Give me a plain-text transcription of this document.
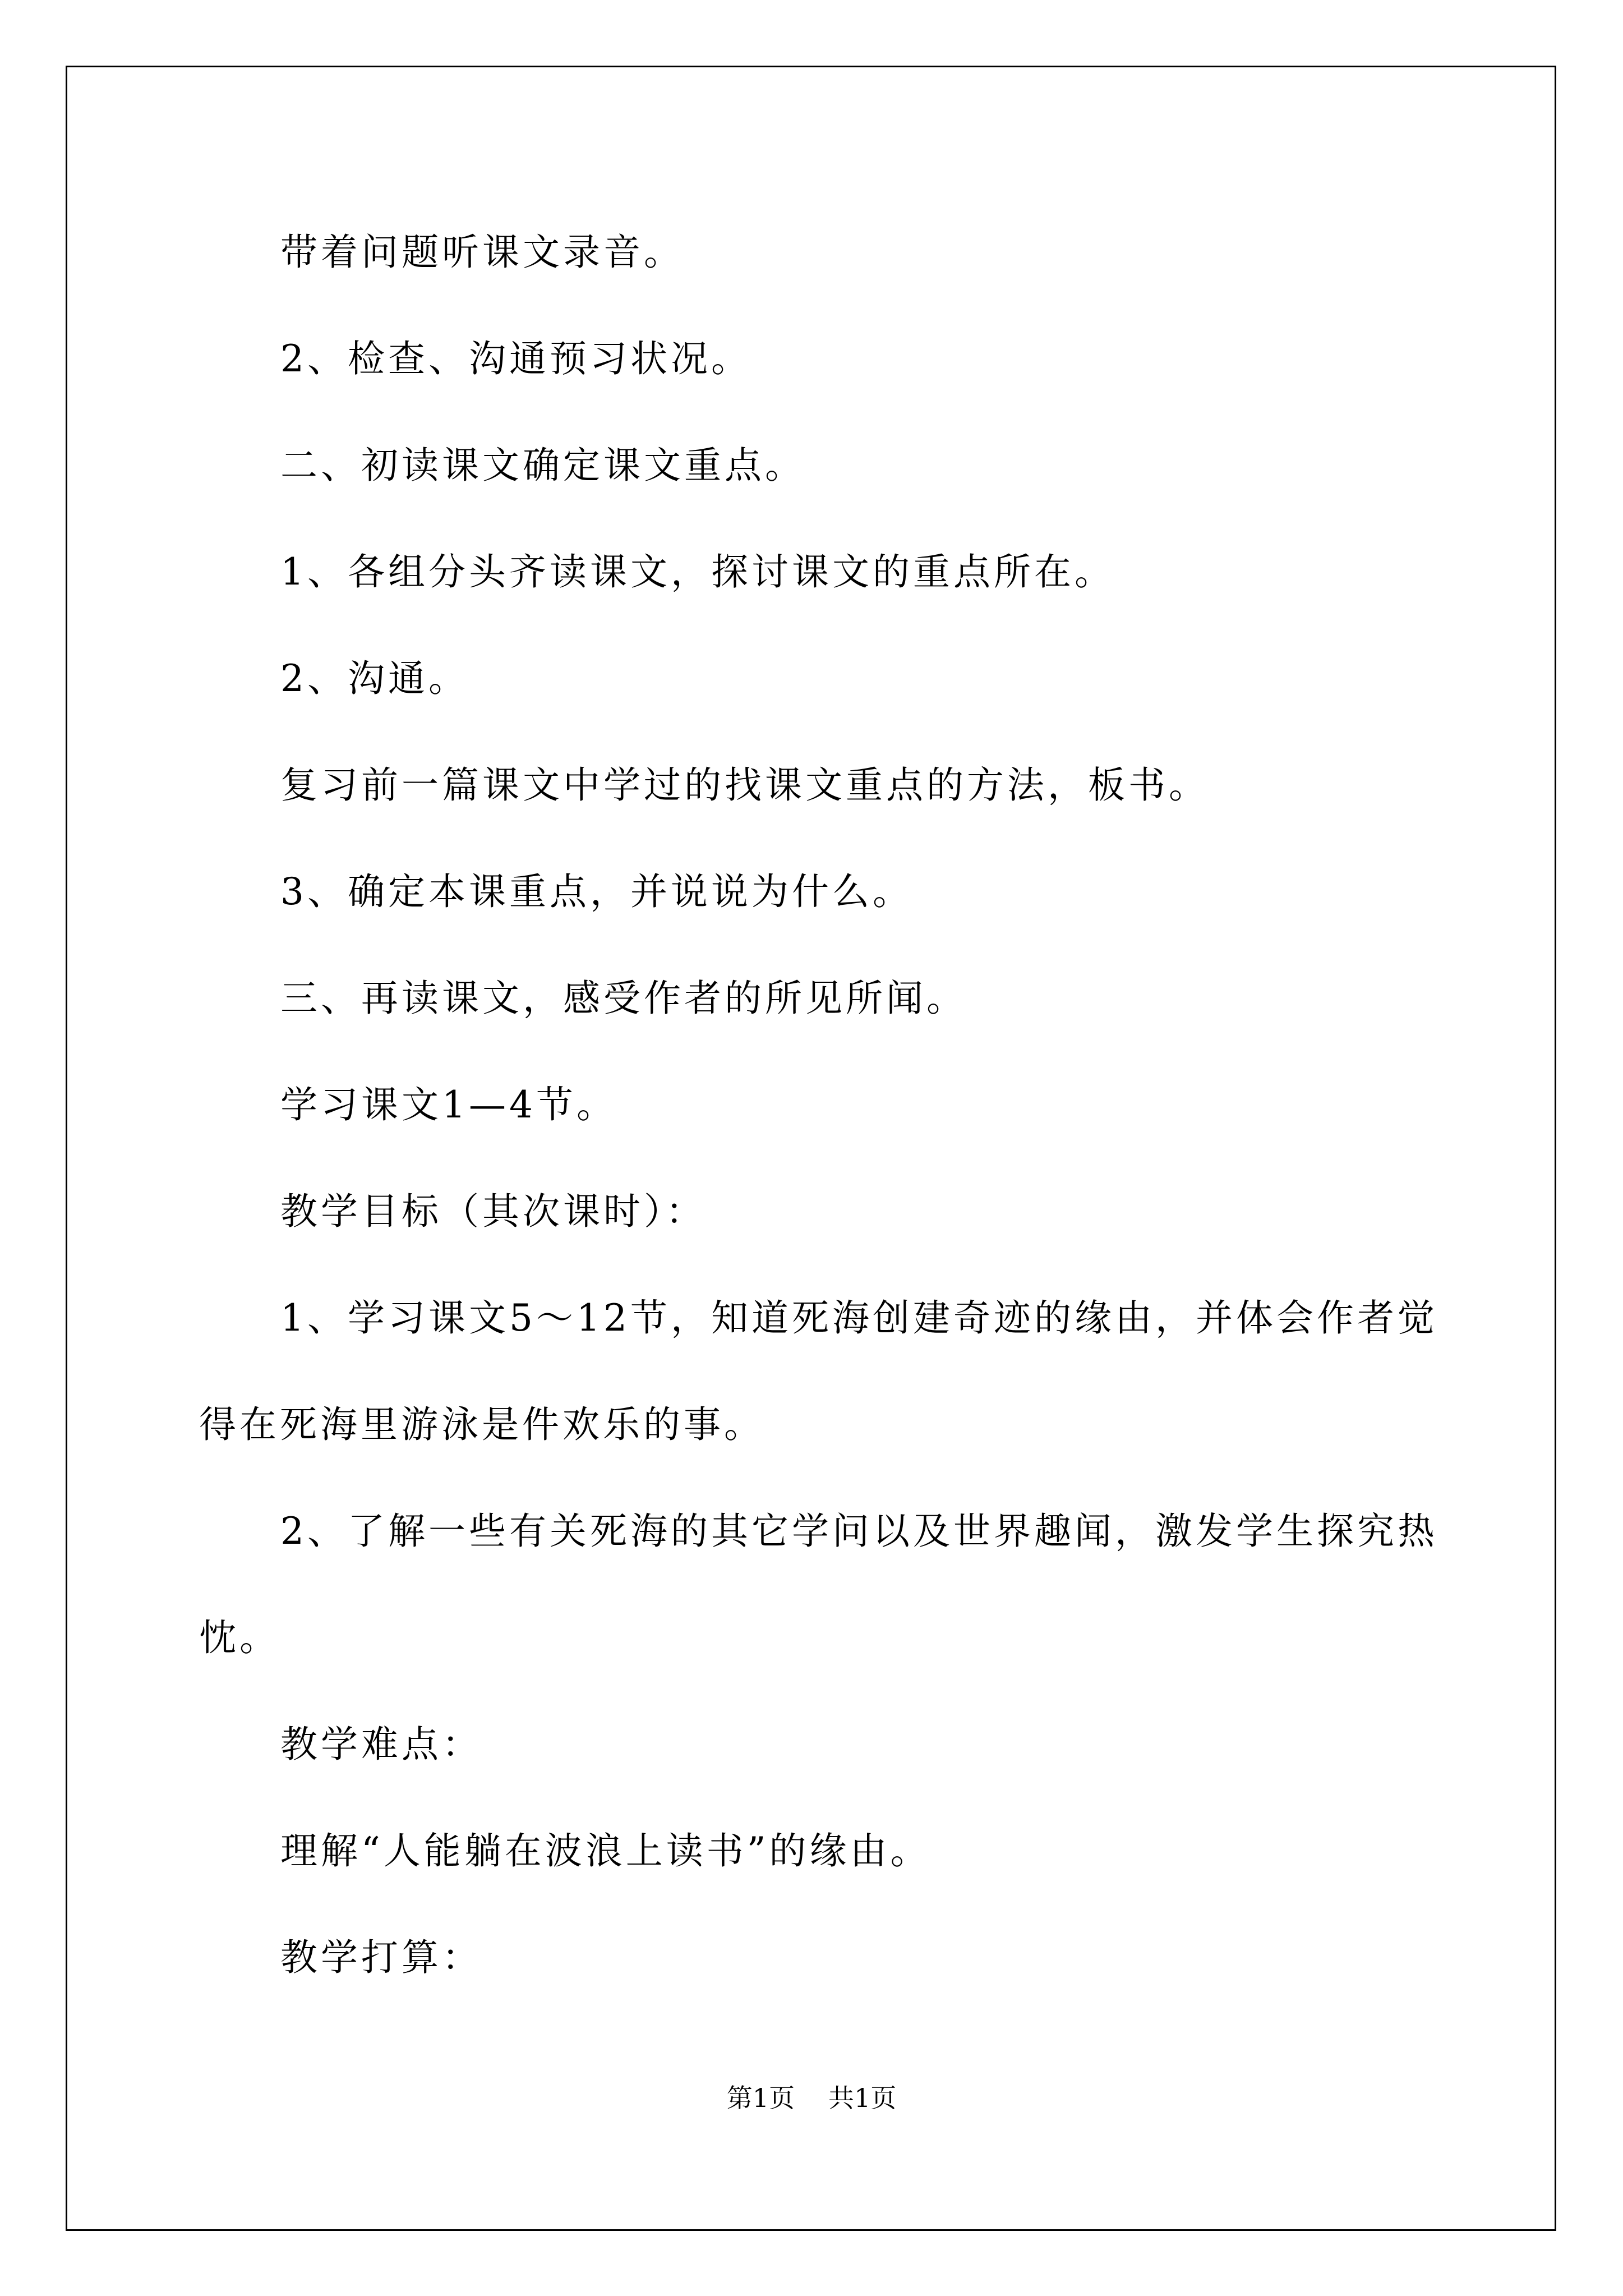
带着问题听课文录音。
2、检查、沟通预习状况。
二、初读课文确定课文重点。
1、各组分头齐读课文，探讨课文的重点所在。
2、沟通。
复习前一篇课文中学过的找课文重点的方法，板书。
3、确定本课重点，并说说为什么。
三、再读课文，感受作者的所见所闻。
学习课文1—4节。
教学目标（其次课时）：
1、学习课文5～12节，知道死海创建奇迹的缘由，并体会作者觉
得在死海里游泳是件欢乐的事。
2、了解一些有关死海的其它学问以及世界趣闻，激发学生探究热
忱。
教学难点：
理解“人能躺在波浪上读书”的缘由。
教学打算：
第1页 共1页
